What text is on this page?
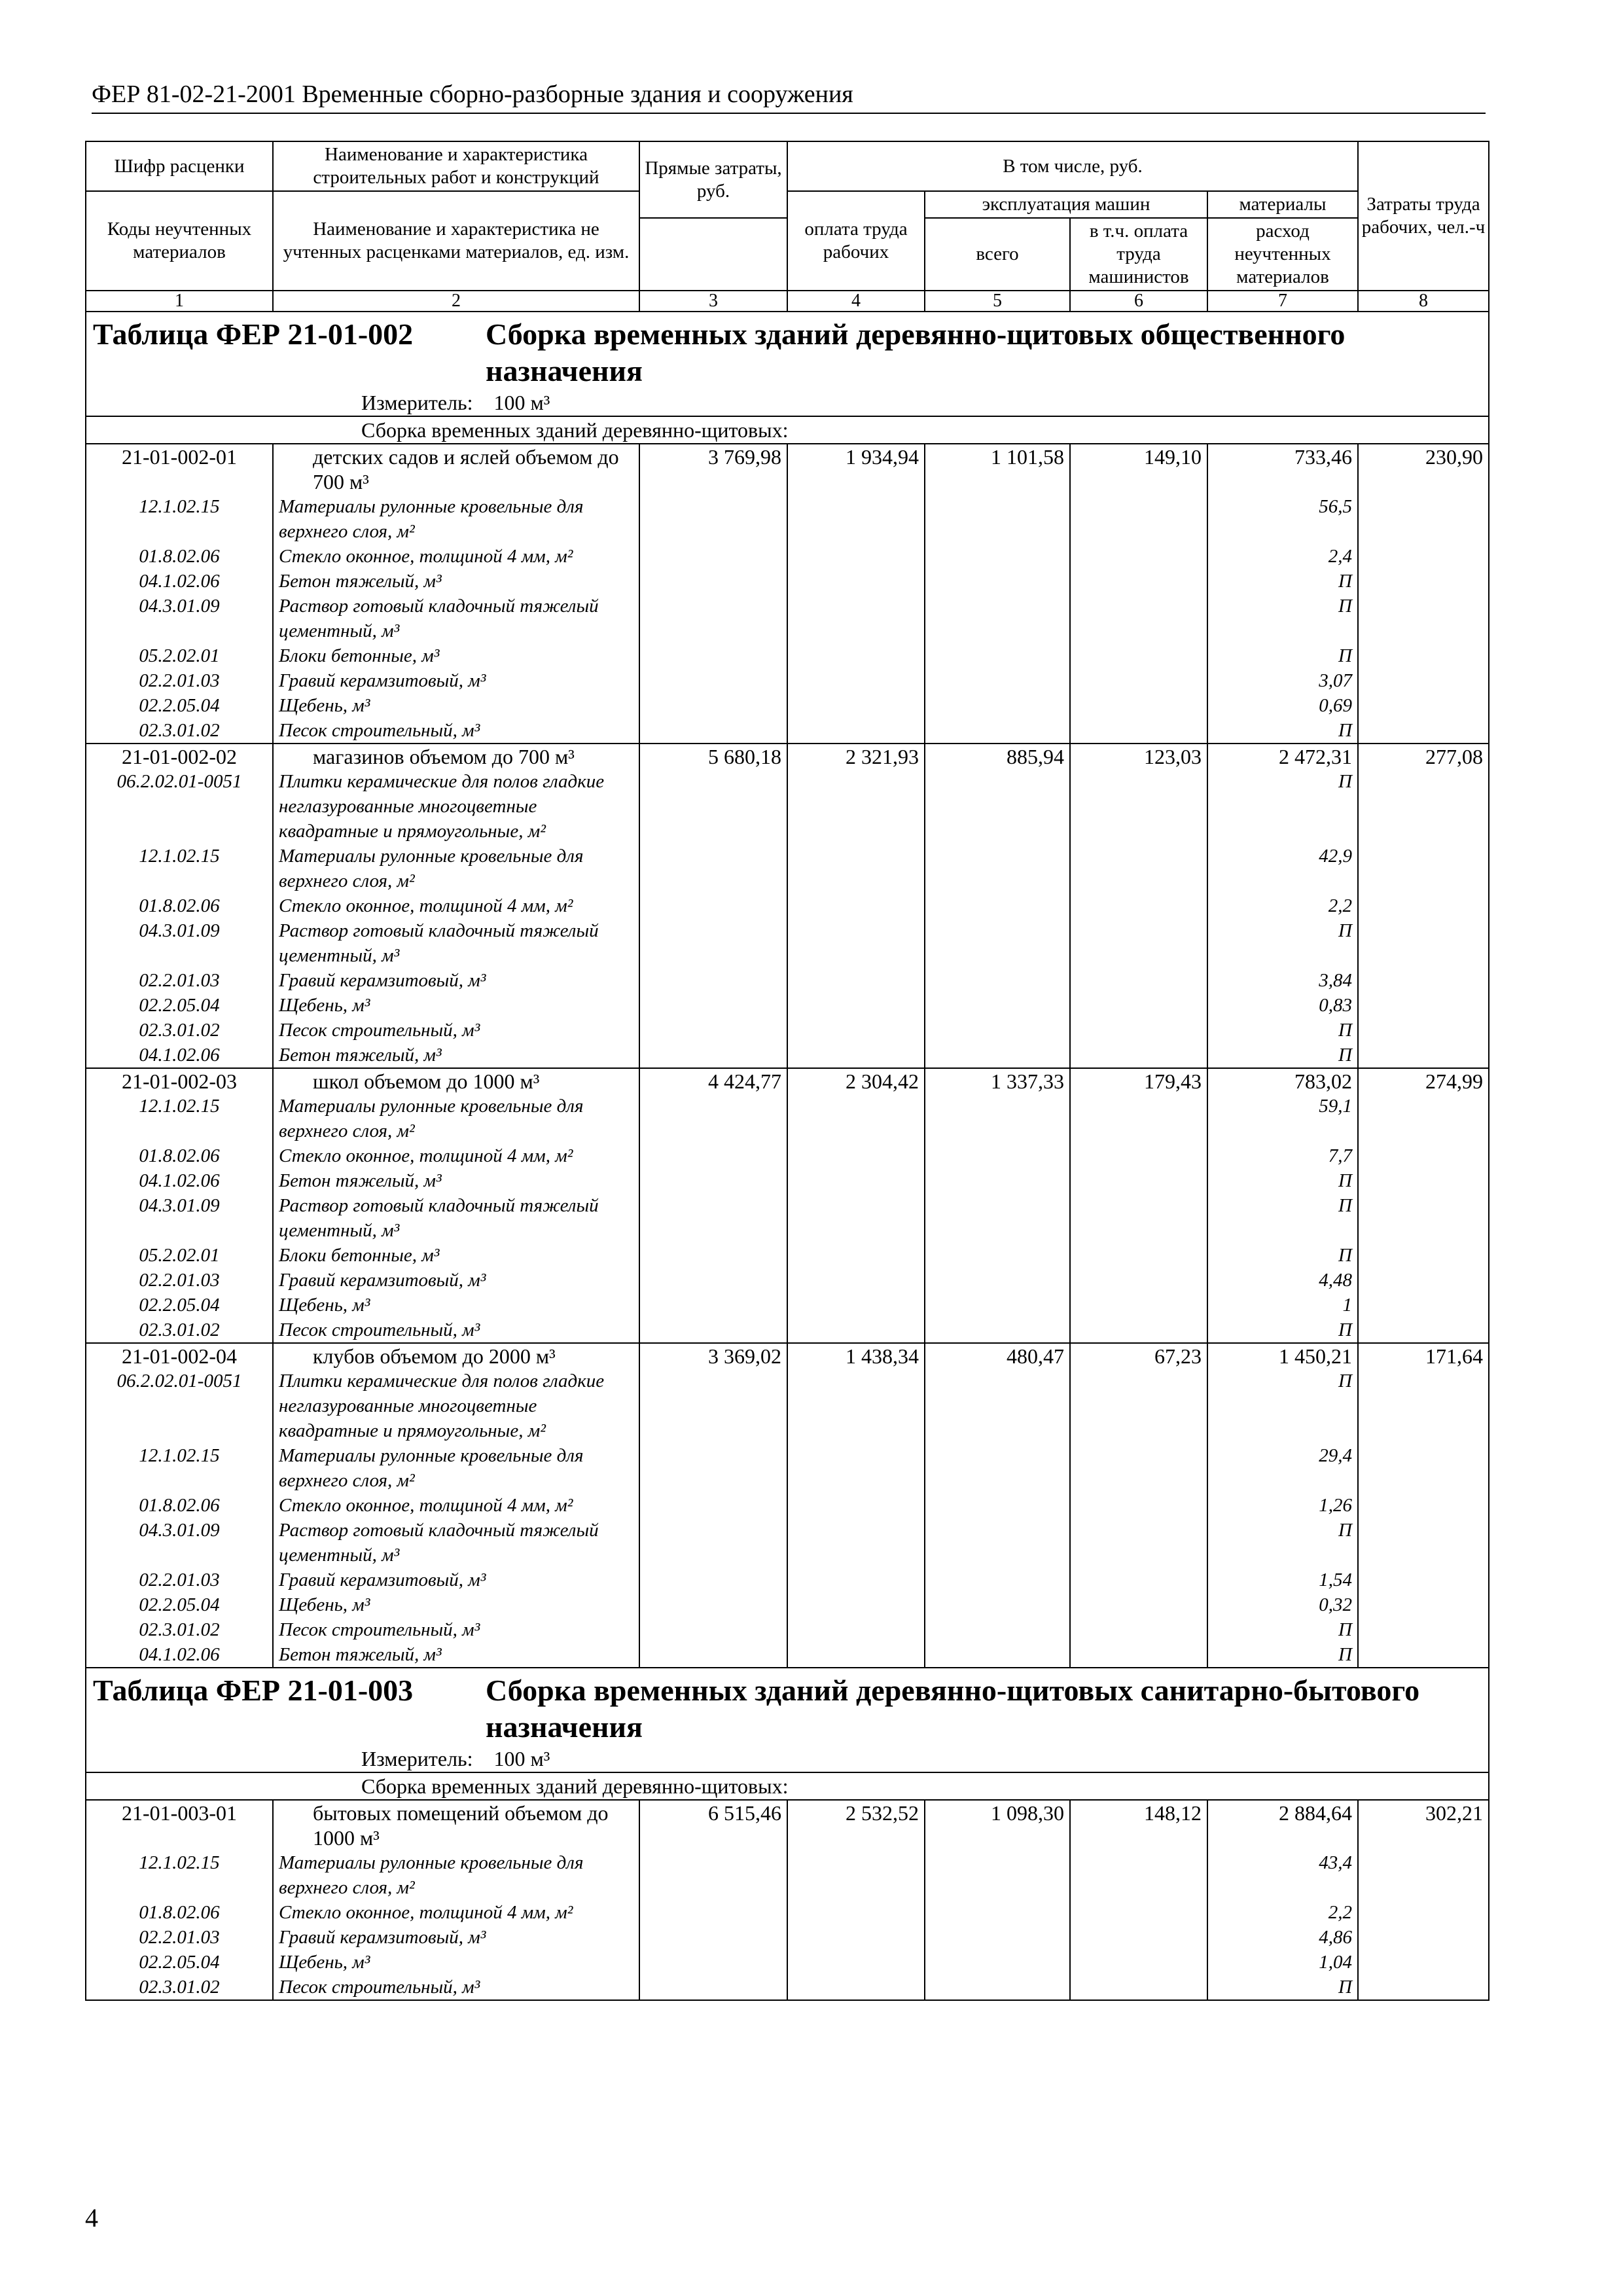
ФЕР 81-02-21-2001 Временные сборно-разборные здания и сооружения
Шифр расценки	Наименование и характеристика строительных работ и конструкций	Прямые затраты, руб.	В том числе, руб.				Затраты труда рабочих, чел.-ч
Коды неучтенных материалов	Наименование и характеристика не учтенных расценками материалов, ед. изм.						
			оплата труда рабочих	эксплуатация машин		материалы	
				всего	в т.ч. оплата труда машинистов	расход неучтенных материалов	
1	2	3	4	5	6	7	8
Таблица ФЕР 21-01-002 Сборка временных зданий деревянно-щитовых общественного назначения							
Измеритель: 100 м³							
Сборка временных зданий деревянно-щитовых:							
21-01-002-01	детских садов и яслей объемом до 700 м³	3 769,98	1 934,94	1 101,58	149,10	733,46	230,90
12.1.02.15	Материалы рулонные кровельные для верхнего слоя, м²					56,5	
01.8.02.06	Стекло оконное, толщиной 4 мм, м²					2,4	
04.1.02.06	Бетон тяжелый, м³					П	
04.3.01.09	Раствор готовый кладочный тяжелый цементный, м³					П	
05.2.02.01	Блоки бетонные, м³					П	
02.2.01.03	Гравий керамзитовый, м³					3,07	
02.2.05.04	Щебень, м³					0,69	
02.3.01.02	Песок строительный, м³					П	
21-01-002-02	магазинов объемом до 700 м³	5 680,18	2 321,93	885,94	123,03	2 472,31	277,08
06.2.02.01-0051	Плитки керамические для полов гладкие неглазурованные многоцветные квадратные и прямоугольные, м²					П	
12.1.02.15	Материалы рулонные кровельные для верхнего слоя, м²					42,9	
01.8.02.06	Стекло оконное, толщиной 4 мм, м²					2,2	
04.3.01.09	Раствор готовый кладочный тяжелый цементный, м³					П	
02.2.01.03	Гравий керамзитовый, м³					3,84	
02.2.05.04	Щебень, м³					0,83	
02.3.01.02	Песок строительный, м³					П	
04.1.02.06	Бетон тяжелый, м³					П	
21-01-002-03	школ объемом до 1000 м³	4 424,77	2 304,42	1 337,33	179,43	783,02	274,99
12.1.02.15	Материалы рулонные кровельные для верхнего слоя, м²					59,1	
01.8.02.06	Стекло оконное, толщиной 4 мм, м²					7,7	
04.1.02.06	Бетон тяжелый, м³					П	
04.3.01.09	Раствор готовый кладочный тяжелый цементный, м³					П	
05.2.02.01	Блоки бетонные, м³					П	
02.2.01.03	Гравий керамзитовый, м³					4,48	
02.2.05.04	Щебень, м³					1	
02.3.01.02	Песок строительный, м³					П	
21-01-002-04	клубов объемом до 2000 м³	3 369,02	1 438,34	480,47	67,23	1 450,21	171,64
06.2.02.01-0051	Плитки керамические для полов гладкие неглазурованные многоцветные квадратные и прямоугольные, м²					П	
12.1.02.15	Материалы рулонные кровельные для верхнего слоя, м²					29,4	
01.8.02.06	Стекло оконное, толщиной 4 мм, м²					1,26	
04.3.01.09	Раствор готовый кладочный тяжелый цементный, м³					П	
02.2.01.03	Гравий керамзитовый, м³					1,54	
02.2.05.04	Щебень, м³					0,32	
02.3.01.02	Песок строительный, м³					П	
04.1.02.06	Бетон тяжелый, м³					П	
Таблица ФЕР 21-01-003 Сборка временных зданий деревянно-щитовых санитарно-бытового назначения							
Измеритель: 100 м³							
Сборка временных зданий деревянно-щитовых:							
21-01-003-01	бытовых помещений объемом до 1000 м³	6 515,46	2 532,52	1 098,30	148,12	2 884,64	302,21
12.1.02.15	Материалы рулонные кровельные для верхнего слоя, м²					43,4	
01.8.02.06	Стекло оконное, толщиной 4 мм, м²					2,2	
02.2.01.03	Гравий керамзитовый, м³					4,86	
02.2.05.04	Щебень, м³					1,04	
02.3.01.02	Песок строительный, м³					П	
4
